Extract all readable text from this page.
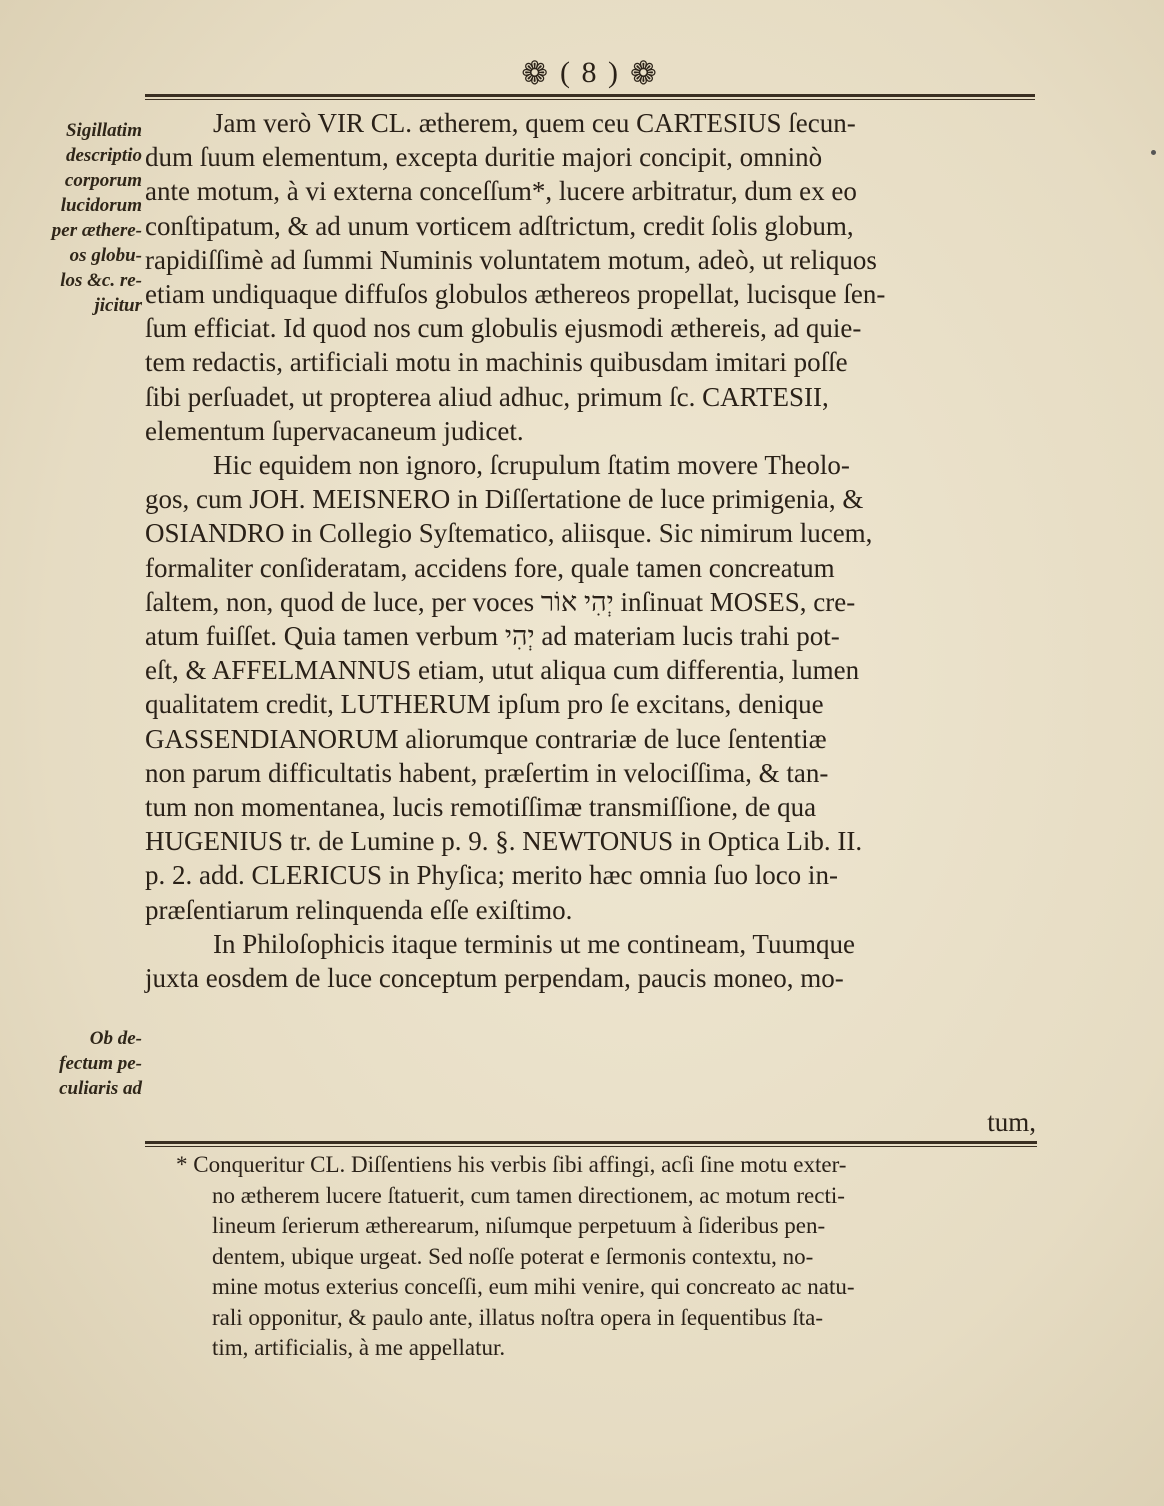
❁ ( 8 ) ❁
Sigillatim
descriptio
corporum
lucidorum
per æthere-
os globu-
los &c. re-
jicitur
Ob de-
fectum pe-
culiaris ad

Jam verò VIR CL. ætherem, quem ceu CARTESIUS ſecun-
dum ſuum elementum, excepta duritie majori concipit, omninò
ante motum, à vi externa conceſſum*, lucere arbitratur, dum ex eo
conſtipatum, & ad unum vorticem adſtrictum, credit ſolis globum,
rapidiſſimè ad ſummi Numinis voluntatem motum, adeò, ut reliquos
etiam undiquaque diffuſos globulos æthereos propellat, lucisque ſen-
ſum efficiat. Id quod nos cum globulis ejusmodi æthereis, ad quie-
tem redactis, artificiali motu in machinis quibusdam imitari poſſe
ſibi perſuadet, ut propterea aliud adhuc, primum ſc. CARTESII,
elementum ſupervacaneum judicet.

Hic equidem non ignoro, ſcrupulum ſtatim movere Theolo-
gos, cum JOH. MEISNERO in Diſſertatione de luce primigenia, &
OSIANDRO in Collegio Syſtematico, aliisque. Sic nimirum lucem,
formaliter conſideratam, accidens fore, quale tamen concreatum
ſaltem, non, quod de luce, per voces יְהִי אוֹר inſinuat MOSES, cre-
atum fuiſſet. Quia tamen verbum יְהִי ad materiam lucis trahi pot-
eſt, & AFFELMANNUS etiam, utut aliqua cum differentia, lumen
qualitatem credit, LUTHERUM ipſum pro ſe excitans, denique
GASSENDIANORUM aliorumque contrariæ de luce ſententiæ
non parum difficultatis habent, præſertim in velociſſima, & tan-
tum non momentanea, lucis remotiſſimæ transmiſſione, de qua
HUGENIUS tr. de Lumine p. 9. §. NEWTONUS in Optica Lib. II.
p. 2. add. CLERICUS in Phyſica; merito hæc omnia ſuo loco in-
præſentiarum relinquenda eſſe exiſtimo.

In Philoſophicis itaque terminis ut me contineam, Tuumque
juxta eosdem de luce conceptum perpendam, paucis moneo, mo-

tum,
* Conqueritur CL. Diſſentiens his verbis ſibi affingi, acſi ſine motu exter-
no ætherem lucere ſtatuerit, cum tamen directionem, ac motum recti-
lineum ſerierum ætherearum, niſumque perpetuum à ſideribus pen-
dentem, ubique urgeat. Sed noſſe poterat e ſermonis contextu, no-
mine motus exterius conceſſi, eum mihi venire, qui concreato ac natu-
rali opponitur, & paulo ante, illatus noſtra opera in ſequentibus ſta-
tim, artificialis, à me appellatur.
